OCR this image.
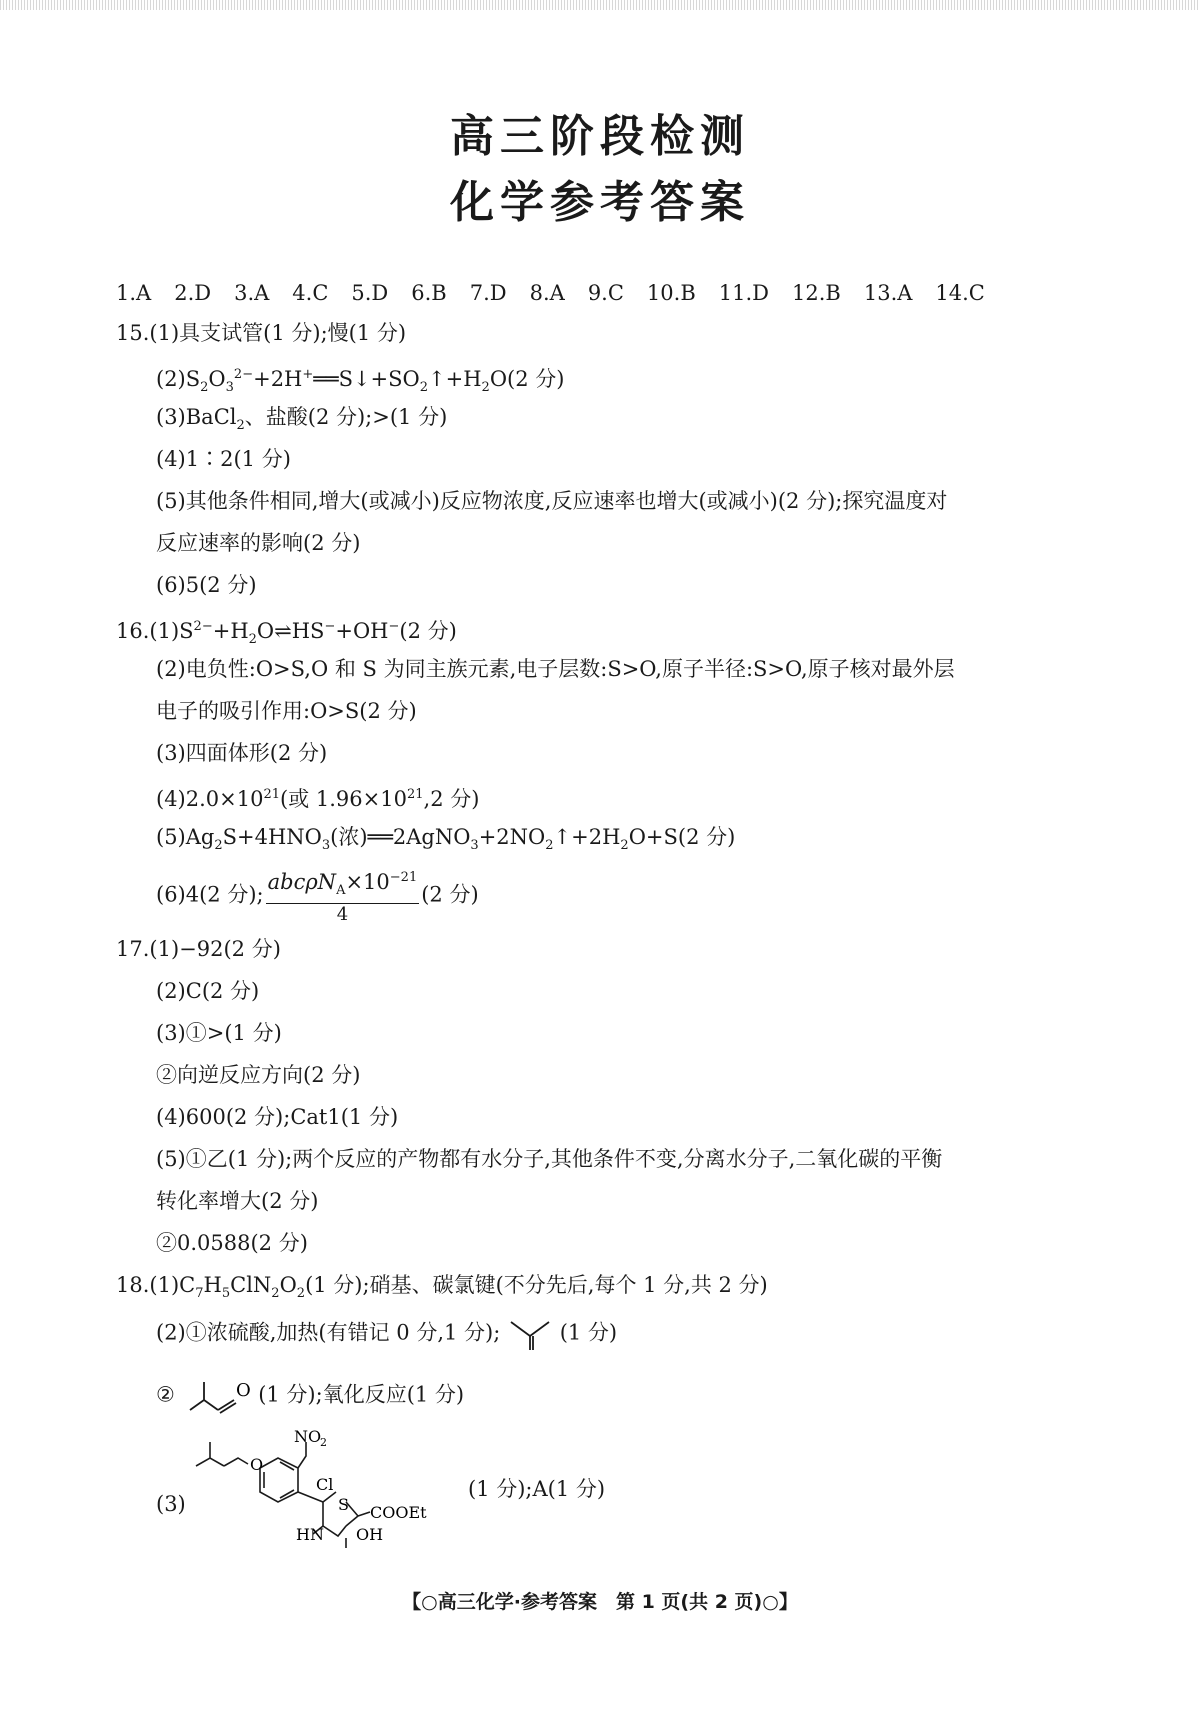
高三阶段检测
化学参考答案
1.A 2.D 3.A 4.C 5.D 6.B 7.D 8.A 9.C 10.B 11.D 12.B 13.A 14.C
15.(1)具支试管(1 分);慢(1 分)
$(2)S_2O_3^{2-}+2H^+══S↓+SO_2↑+H_2O(2$ 分)
(3)BaCl$_2$、盐酸(2 分);>(1 分)
(4)1∶2(1 分)
(5)其他条件相同,增大(或减小)反应物浓度,反应速率也增大(或减小)(2 分);探究温度对
反应速率的影响(2 分)
(6)5(2 分)
$16.(1)S^{2-}+H_2O\rightleftharpoons HS^-+OH^-(2$ 分)
(2)电负性:O>S,O 和 S 为同主族元素,电子层数:S>O,原子半径:S>O,原子核对最外层
电子的吸引作用:O>S(2 分)
(3)四面体形(2 分)
$(4)2.0\times 10^{21}$(或 $1.96\times 10^{21},2$ 分)
$(5)Ag_2S+4HNO_3$(浓)$══2AgNO_3+2NO_2↑+2H_2O+S(2$ 分)
(6)4(2 分); $\frac{abc\rho N_A\times 10^{-21}}{4} (2$ 分)
17.(1)−92(2 分)
(2)C(2 分)
(3)①>(1 分)
②向逆反应方向(2 分)
(4)600(2 分);Cat1(1 分)
(5)①乙(1 分);两个反应的产物都有水分子,其他条件不变,分离水分子,二氧化碳的平衡
转化率增大(2 分)
②0.0588(2 分)
$18.(1)C_7H_5ClN_2O_2(1$ 分);硝基、碳氯键(不分先后,每个 1 分,共 2 分)
(2)①浓硫酸,加热(有错记 0 分,1 分);	(1 分)
②	O (1 分);氧化反应(1 分)
(3)
O
NO
2
Cl
S COOEt
HN OH
(1 分);A(1 分)
【○高三化学·参考答案　第 1 页(共 2 页)○】
